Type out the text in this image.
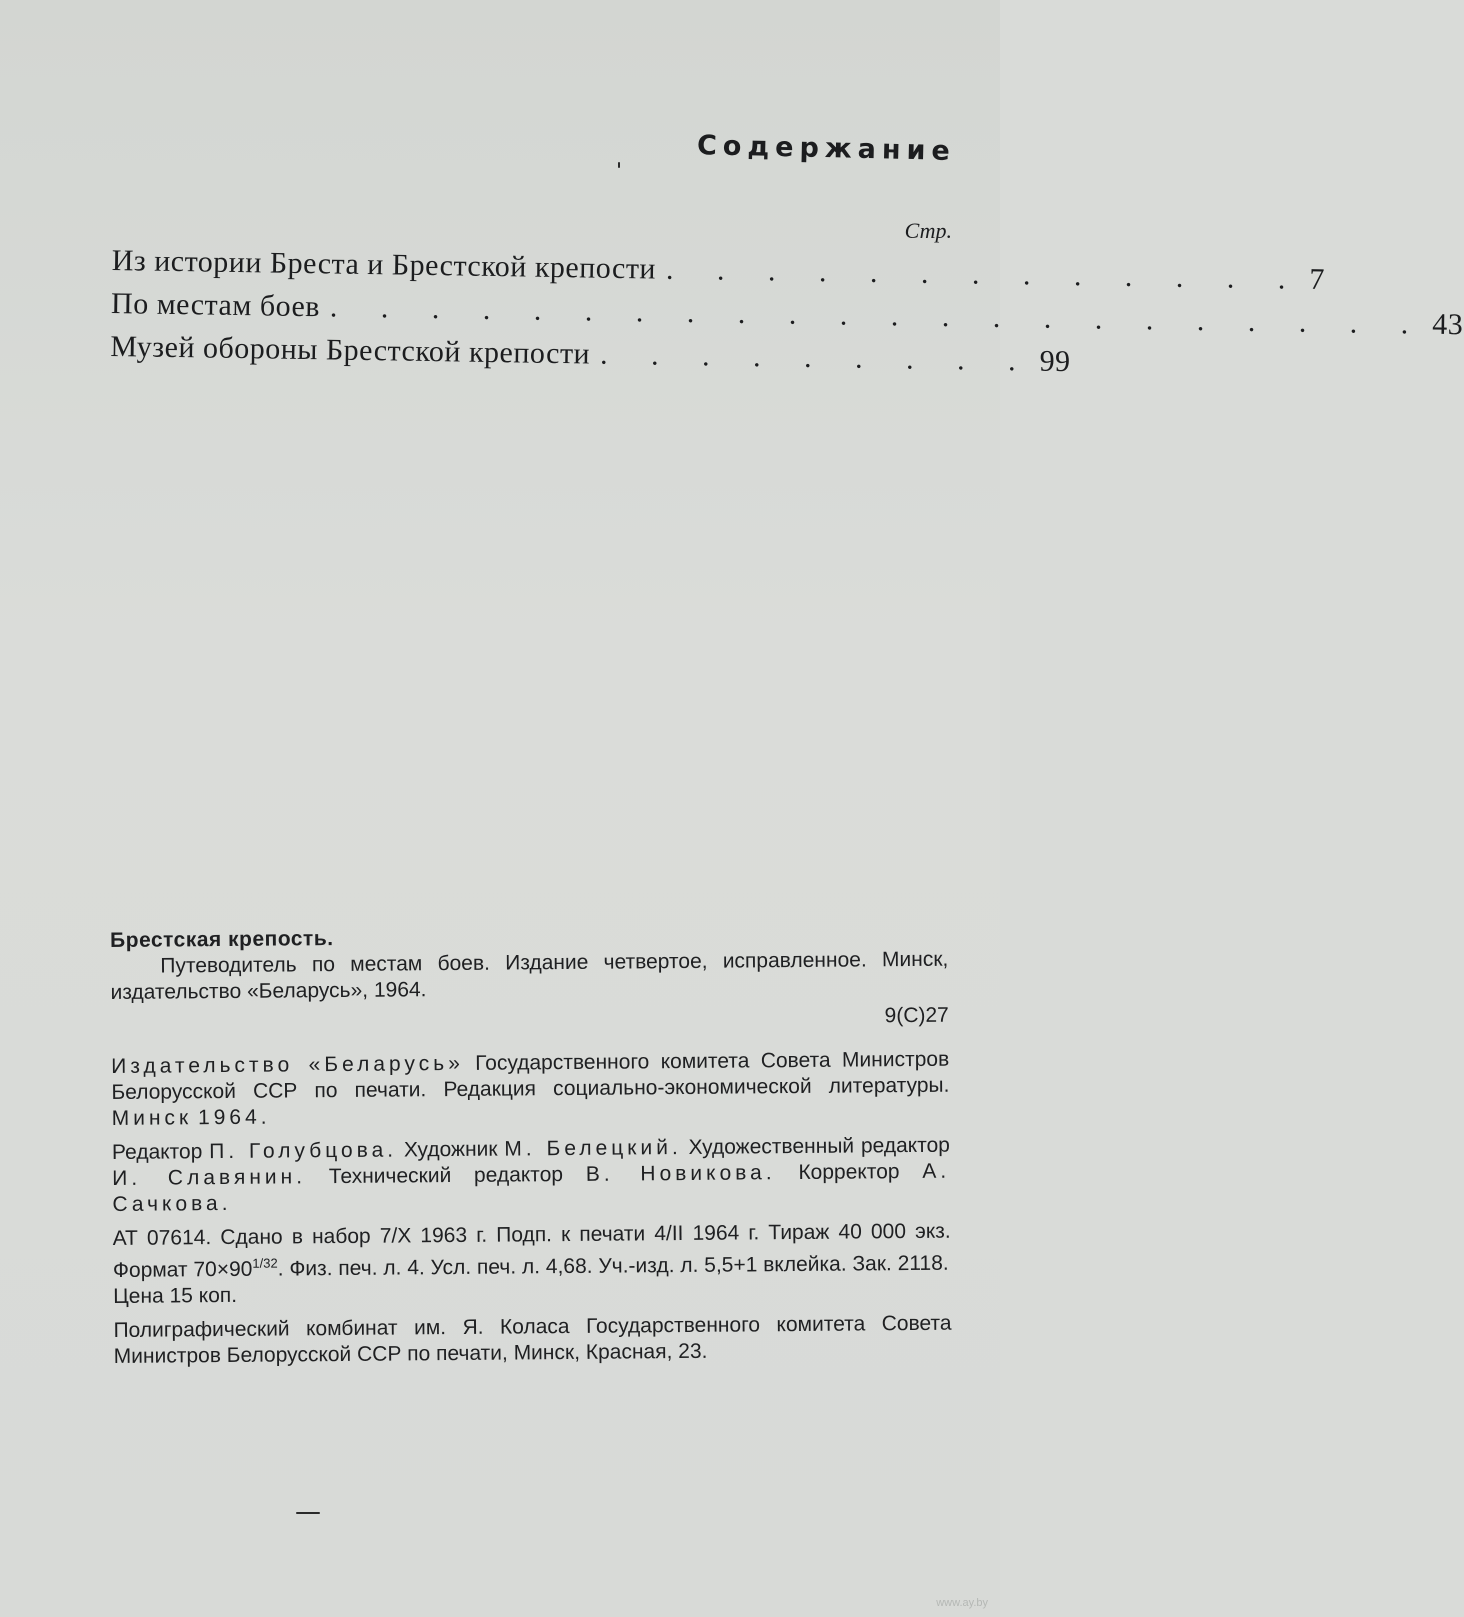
Содержание
Стр.
Из истории Бреста и Брестской крепости . . . . . . . . . . . . . 7
По местам боев . . . . . . . . . . . . . . . . . . . . . . 43
Музей обороны Брестской крепости . . . . . . . . . 99
Брестская крепость.
Путеводитель по местам боев. Издание четвертое, исправленное. Минск, издательство «Беларусь», 1964.
9(С)27

Издательство «Беларусь» Государственного комитета Совета Министров Белорусской ССР по печати. Редакция социально-экономической литературы. Минск 1964.

Редактор П. Голубцова. Художник М. Белецкий. Художественный редактор И. Славянин. Технический редактор В. Новикова. Корректор А. Сачкова.

АТ 07614. Сдано в набор 7/X 1963 г. Подп. к печати 4/II 1964 г. Тираж 40 000 экз. Формат $70\times 90^{1/32}$. Физ. печ. л. 4. Усл. печ. л. 4,68. Уч.-изд. л. 5,5+1 вклейка. Зак. 2118.
Цена 15 коп.

Полиграфический комбинат им. Я. Коласа Государственного комитета Совета Министров Белорусской ССР по печати, Минск, Красная, 23.

www.ay.by
